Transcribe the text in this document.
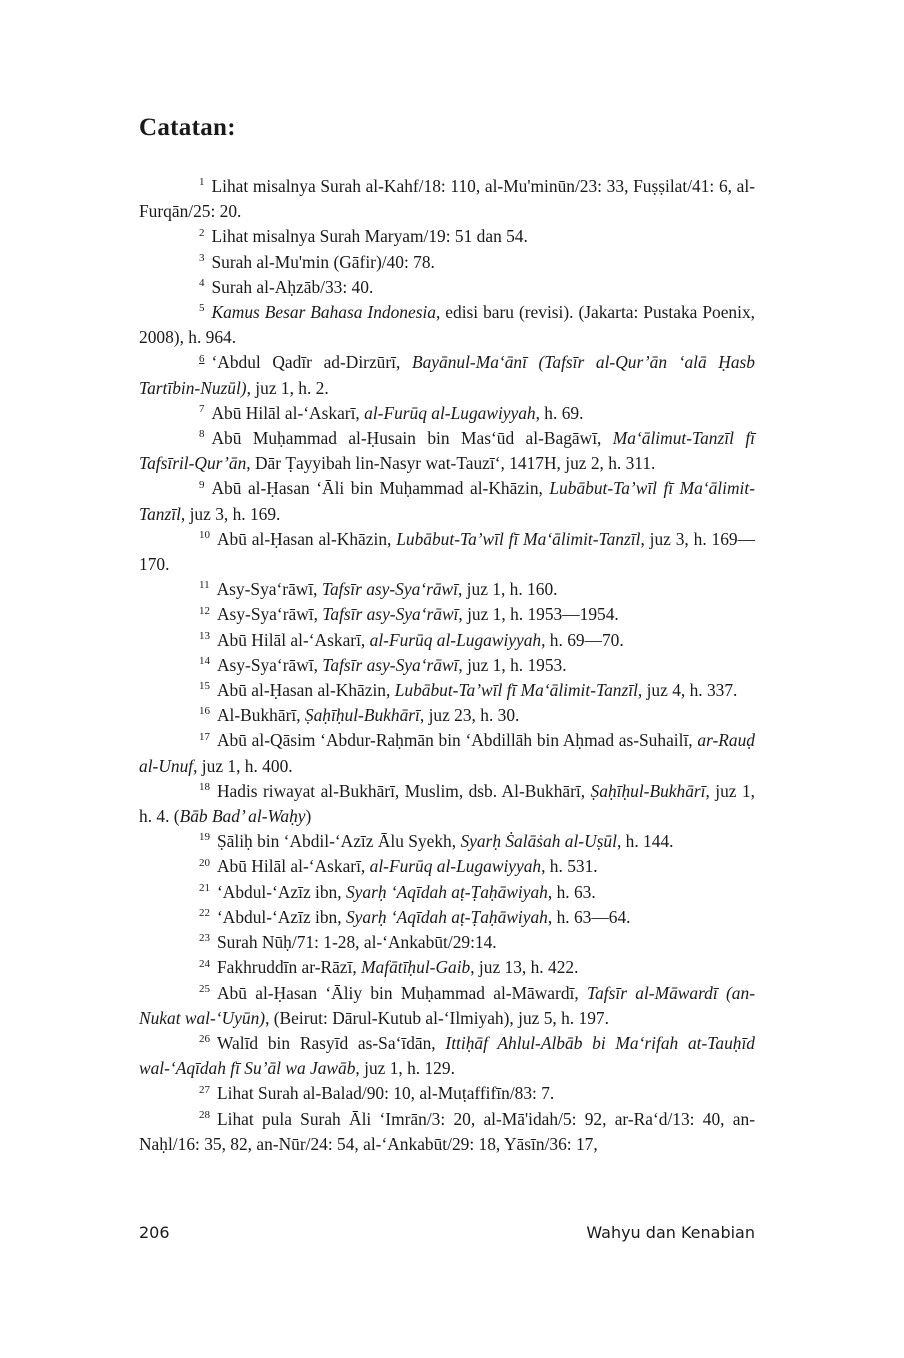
Catatan:

$^1$ Lihat misalnya Surah al-Kahf/18: 110, al-Mu'minūn/23: 33, Fuṣṣilat/41: 6, al-Furqān/25: 20.

$^2$ Lihat misalnya Surah Maryam/19: 51 dan 54.

$^3$ Surah al-Mu'min (Gāfir)/40: 78.

$^4$ Surah al-Aḥzāb/33: 40.

$^5$ Kamus Besar Bahasa Indonesia, edisi baru (revisi). (Jakarta: Pustaka Poenix, 2008), h. 964.

$^6$ ‘Abdul Qadīr ad-Dirzūrī, Bayānul-Ma‘ānī (Tafsīr al-Qur’ān ‘alā Ḥasb Tartībin-Nuzūl), juz 1, h. 2.

$^7$ Abū Hilāl al-‘Askarī, al-Furūq al-Lugawiyyah, h. 69.

$^8$ Abū Muḥammad al-Ḥusain bin Mas‘ūd al-Bagāwī, Ma‘ālimut-Tanzīl fī Tafsīril-Qur’ān, Dār Ṭayyibah lin-Nasyr wat-Tauzī‘, 1417H, juz 2, h. 311.

$^9$ Abū al-Ḥasan ‘Āli bin Muḥammad al-Khāzin, Lubābut-Ta’wīl fī Ma‘ālimit-Tanzīl, juz 3, h. 169.

$^{10}$ Abū al-Ḥasan al-Khāzin, Lubābut-Ta’wīl fī Ma‘ālimit-Tanzīl, juz 3, h. 169—170.

$^{11}$ Asy-Sya‘rāwī, Tafsīr asy-Sya‘rāwī, juz 1, h. 160.

$^{12}$ Asy-Sya‘rāwī, Tafsīr asy-Sya‘rāwī, juz 1, h. 1953—1954.

$^{13}$ Abū Hilāl al-‘Askarī, al-Furūq al-Lugawiyyah, h. 69—70.

$^{14}$ Asy-Sya‘rāwī, Tafsīr asy-Sya‘rāwī, juz 1, h. 1953.

$^{15}$ Abū al-Ḥasan al-Khāzin, Lubābut-Ta’wīl fī Ma‘ālimit-Tanzīl, juz 4, h. 337.

$^{16}$ Al-Bukhārī, Ṣaḥīḥul-Bukhārī, juz 23, h. 30.

$^{17}$ Abū al-Qāsim ‘Abdur-Raḥmān bin ‘Abdillāh bin Aḥmad as-Suhailī, ar-Rauḍ al-Unuf, juz 1, h. 400.

$^{18}$ Hadis riwayat al-Bukhārī, Muslim, dsb. Al-Bukhārī, Ṣaḥīḥul-Bukhārī, juz 1, h. 4. (Bāb Bad’ al-Waḥy)

$^{19}$ Ṣāliḥ bin ‘Abdil-‘Azīz Ālu Syekh, Syarḥ Ṡalāṡah al-Uṣūl, h. 144.

$^{20}$ Abū Hilāl al-‘Askarī, al-Furūq al-Lugawiyyah, h. 531.

$^{21}$ ‘Abdul-‘Azīz ibn, Syarḥ ‘Aqīdah aṭ-Ṭaḥāwiyah, h. 63.

$^{22}$ ‘Abdul-‘Azīz ibn, Syarḥ ‘Aqīdah aṭ-Ṭaḥāwiyah, h. 63—64.

$^{23}$ Surah Nūḥ/71: 1-28, al-‘Ankabūt/29:14.

$^{24}$ Fakhruddīn ar-Rāzī, Mafātīḥul-Gaib, juz 13, h. 422.

$^{25}$ Abū al-Ḥasan ‘Āliy bin Muḥammad al-Māwardī, Tafsīr al-Māwardī (an-Nukat wal-‘Uyūn), (Beirut: Dārul-Kutub al-‘Ilmiyah), juz 5, h. 197.

$^{26}$ Walīd bin Rasyīd as-Sa‘īdān, Ittiḥāf Ahlul-Albāb bi Ma‘rifah at-Tauḥīd wal-‘Aqīdah fī Su’āl wa Jawāb, juz 1, h. 129.

$^{27}$ Lihat Surah al-Balad/90: 10, al-Muṭaffifīn/83: 7.

$^{28}$ Lihat pula Surah Āli ‘Imrān/3: 20, al-Mā'idah/5: 92, ar-Ra‘d/13: 40, an-Naḥl/16: 35, 82, an-Nūr/24: 54, al-‘Ankabūt/29: 18, Yāsīn/36: 17,

206	Wahyu dan Kenabian
